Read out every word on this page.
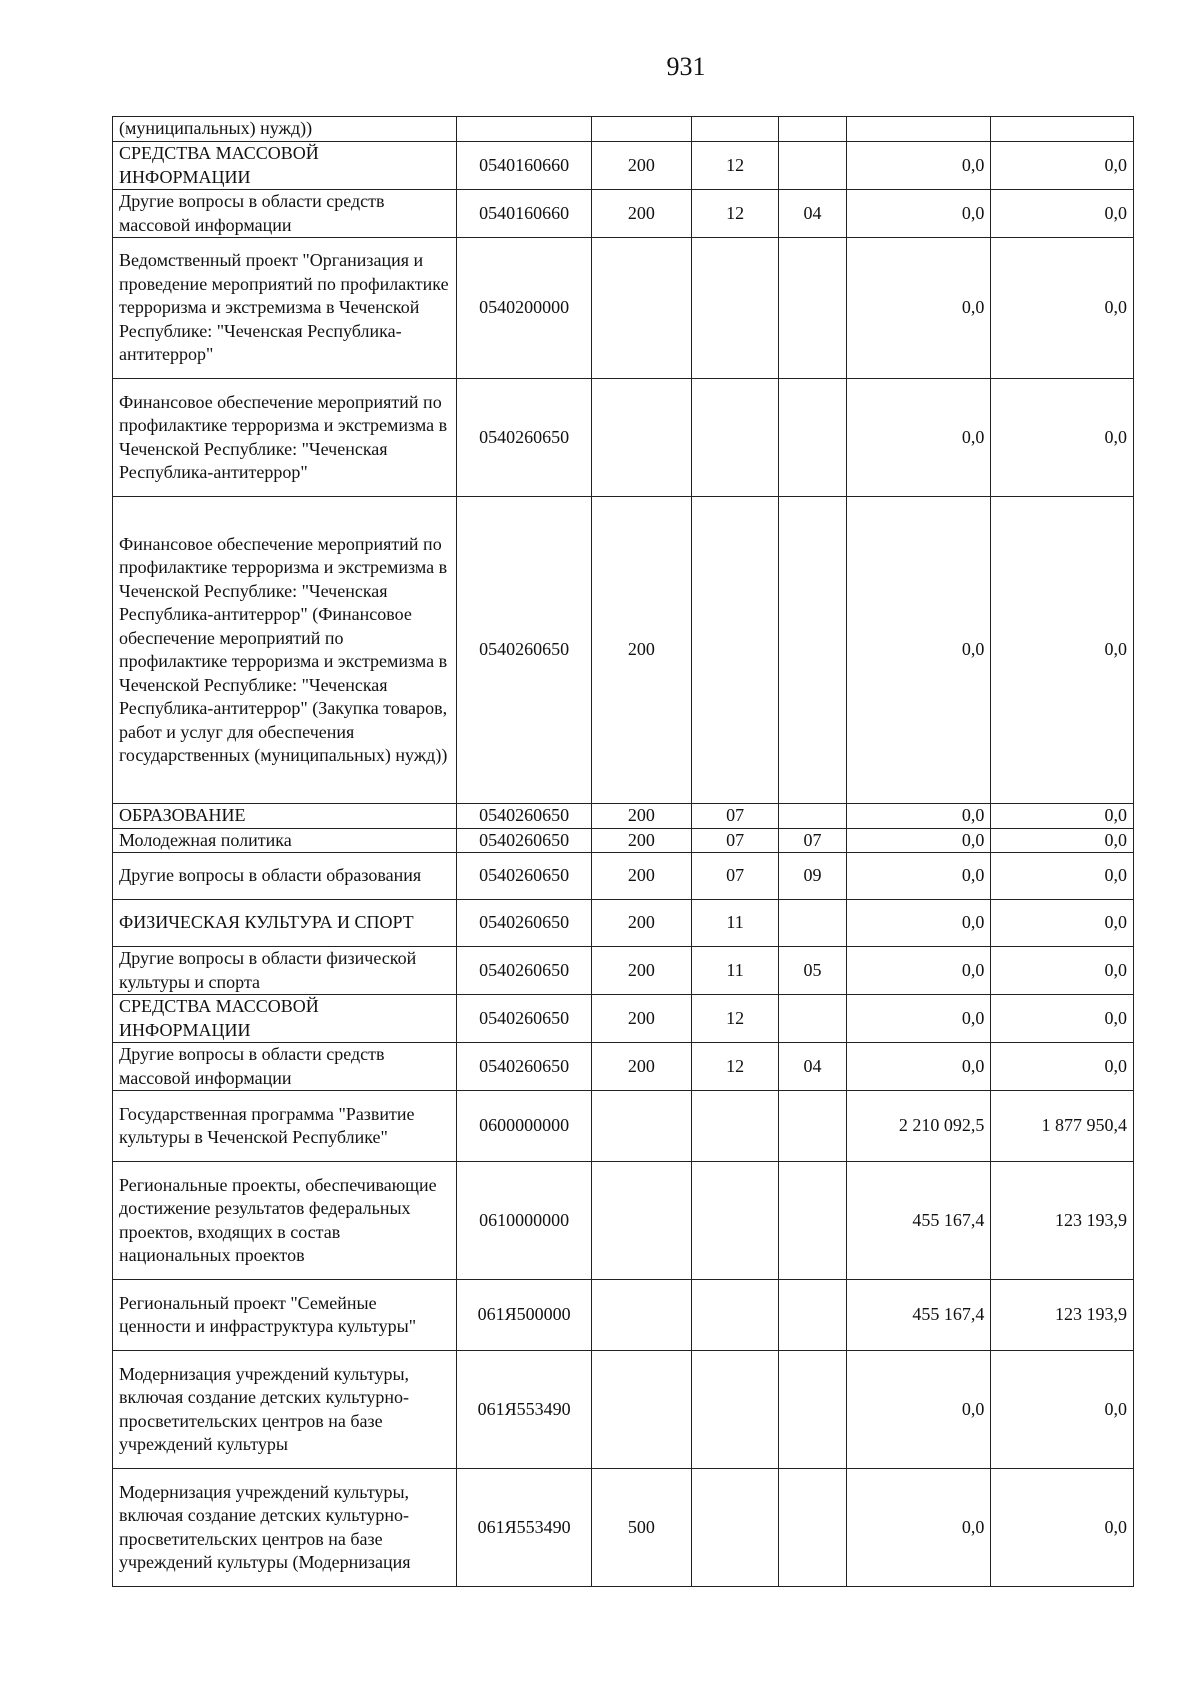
931
(муниципальных) нужд))						
СРЕДСТВА МАССОВОЙ ИНФОРМАЦИИ	0540160660	200	12		0,0	0,0
Другие вопросы в области средств массовой информации	0540160660	200	12	04	0,0	0,0
Ведомственный проект "Организация и проведение мероприятий по профилактике терроризма и экстремизма в Чеченской Республике: "Чеченская Республика-антитеррор"	0540200000				0,0	0,0
Финансовое обеспечение мероприятий по профилактике терроризма и экстремизма в Чеченской Республике: "Чеченская Республика-антитеррор"	0540260650				0,0	0,0
Финансовое обеспечение мероприятий по профилактике терроризма и экстремизма в Чеченской Республике: "Чеченская Республика-антитеррор" (Финансовое обеспечение мероприятий по профилактике терроризма и экстремизма в Чеченской Республике: "Чеченская Республика-антитеррор" (Закупка товаров, работ и услуг для обеспечения государственных (муниципальных) нужд))	0540260650	200			0,0	0,0
ОБРАЗОВАНИЕ	0540260650	200	07		0,0	0,0
Молодежная политика	0540260650	200	07	07	0,0	0,0
Другие вопросы в области образования	0540260650	200	07	09	0,0	0,0
ФИЗИЧЕСКАЯ КУЛЬТУРА И СПОРТ	0540260650	200	11		0,0	0,0
Другие вопросы в области физической культуры и спорта	0540260650	200	11	05	0,0	0,0
СРЕДСТВА МАССОВОЙ ИНФОРМАЦИИ	0540260650	200	12		0,0	0,0
Другие вопросы в области средств массовой информации	0540260650	200	12	04	0,0	0,0
Государственная программа "Развитие культуры в Чеченской Республике"	0600000000				2 210 092,5	1 877 950,4
Региональные проекты, обеспечивающие достижение результатов федеральных проектов, входящих в состав национальных проектов	0610000000				455 167,4	123 193,9
Региональный проект "Семейные ценности и инфраструктура культуры"	061Я500000				455 167,4	123 193,9
Модернизация учреждений культуры, включая создание детских культурно-просветительских центров на базе учреждений культуры	061Я553490				0,0	0,0
Модернизация учреждений культуры, включая создание детских культурно-просветительских центров на базе учреждений культуры (Модернизация	061Я553490	500			0,0	0,0
